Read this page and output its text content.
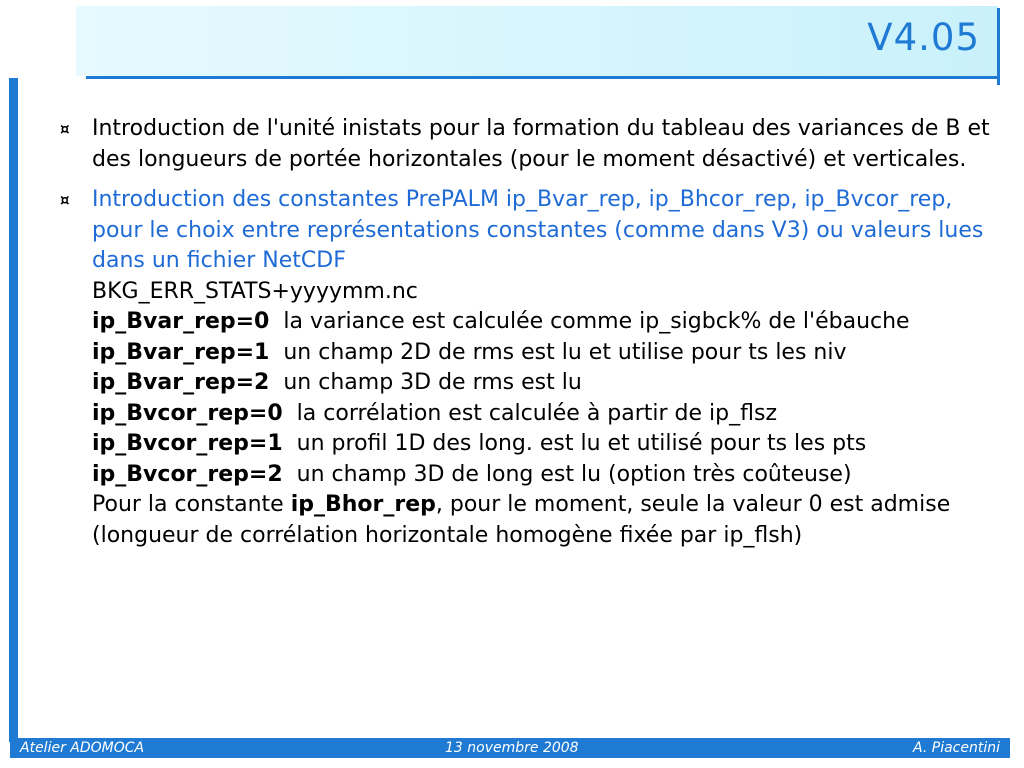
V4.05
¤	Introduction de l'unité inistats pour la formation du tableau des variances de B et des longueurs de portée horizontales (pour le moment désactivé) et verticales.
¤	Introduction des constantes PrePALM ip_Bvar_rep, ip_Bhcor_rep, ip_Bvcor_rep, pour le choix entre représentations constantes (comme dans V3) ou valeurs lues dans un fichier NetCDF
BKG_ERR_STATS+yyyymm.nc
ip_Bvar_rep=0 la variance est calculée comme ip_sigbck% de l'ébauche
ip_Bvar_rep=1 un champ 2D de rms est lu et utilise pour ts les niv
ip_Bvar_rep=2 un champ 3D de rms est lu
ip_Bvcor_rep=0 la corrélation est calculée à partir de ip_flsz
ip_Bvcor_rep=1 un profil 1D des long. est lu et utilisé pour ts les pts
ip_Bvcor_rep=2 un champ 3D de long est lu (option très coûteuse)
Pour la constante ip_Bhor_rep, pour le moment, seule la valeur 0 est admise (longueur de corrélation horizontale homogène fixée par ip_flsh)
Atelier ADOMOCA	13 novembre 2008	A. Piacentini
